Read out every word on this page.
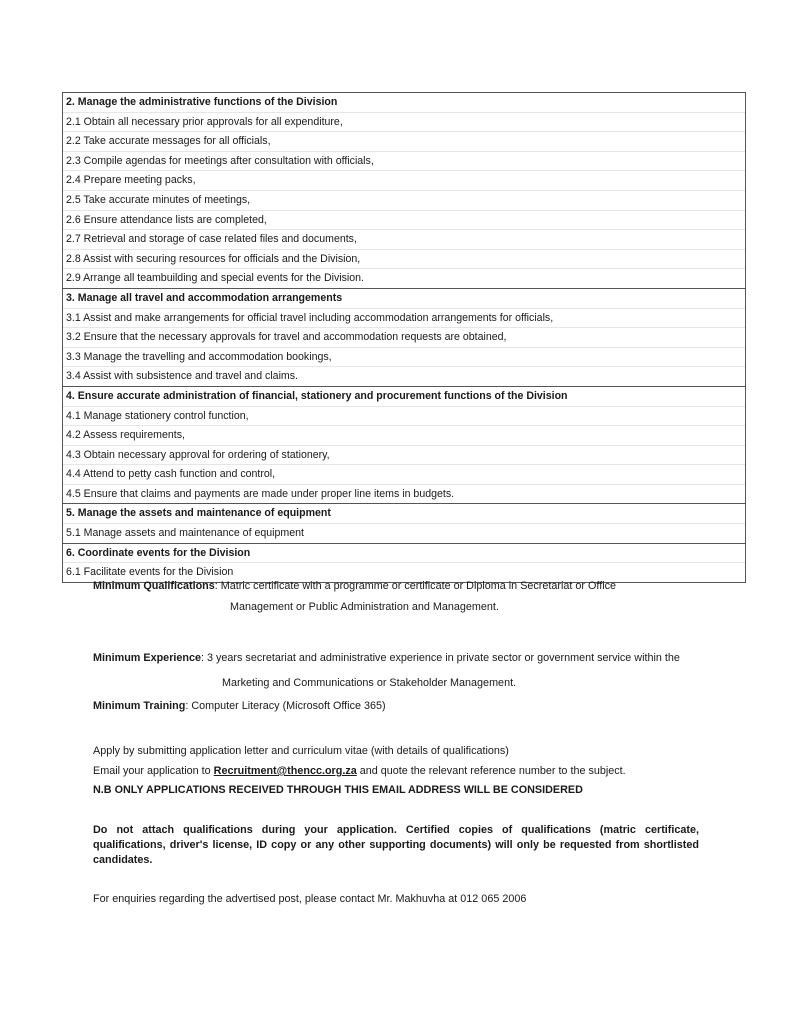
2. Manage the administrative functions of the Division
2.1 Obtain all necessary prior approvals for all expenditure,
2.2 Take accurate messages for all officials,
2.3 Compile agendas for meetings after consultation with officials,
2.4 Prepare meeting packs,
2.5 Take accurate minutes of meetings,
2.6 Ensure attendance lists are completed,
2.7 Retrieval and storage of case related files and documents,
2.8 Assist with securing resources for officials and the Division,
2.9 Arrange all teambuilding and special events for the Division.
3. Manage all travel and accommodation arrangements
3.1 Assist and make arrangements for official travel including accommodation arrangements for officials,
3.2 Ensure that the necessary approvals for travel and accommodation requests are obtained,
3.3 Manage the travelling and accommodation bookings,
3.4 Assist with subsistence and travel and claims.
4. Ensure accurate administration of financial, stationery and procurement functions of the Division
4.1 Manage stationery control function,
4.2 Assess requirements,
4.3 Obtain necessary approval for ordering of stationery,
4.4 Attend to petty cash function and control,
4.5 Ensure that claims and payments are made under proper line items in budgets.
5. Manage the assets and maintenance of equipment
5.1 Manage assets and maintenance of equipment
6. Coordinate events for the Division
6.1 Facilitate events for the Division
Minimum Qualifications: Matric certificate with a programme or certificate or Diploma in Secretariat or Office
Management or Public Administration and Management.
Minimum Experience: 3 years secretariat and administrative experience in private sector or government service within the
Marketing and Communications or Stakeholder Management.
Minimum Training: Computer Literacy (Microsoft Office 365)
Apply by submitting application letter and curriculum vitae (with details of qualifications)
Email your application to Recruitment@thencc.org.za and quote the relevant reference number to the subject.
N.B ONLY APPLICATIONS RECEIVED THROUGH THIS EMAIL ADDRESS WILL BE CONSIDERED
Do not attach qualifications during your application. Certified copies of qualifications (matric certificate, qualifications, driver's license, ID copy or any other supporting documents) will only be requested from shortlisted candidates.
For enquiries regarding the advertised post, please contact Mr. Makhuvha at 012 065 2006
